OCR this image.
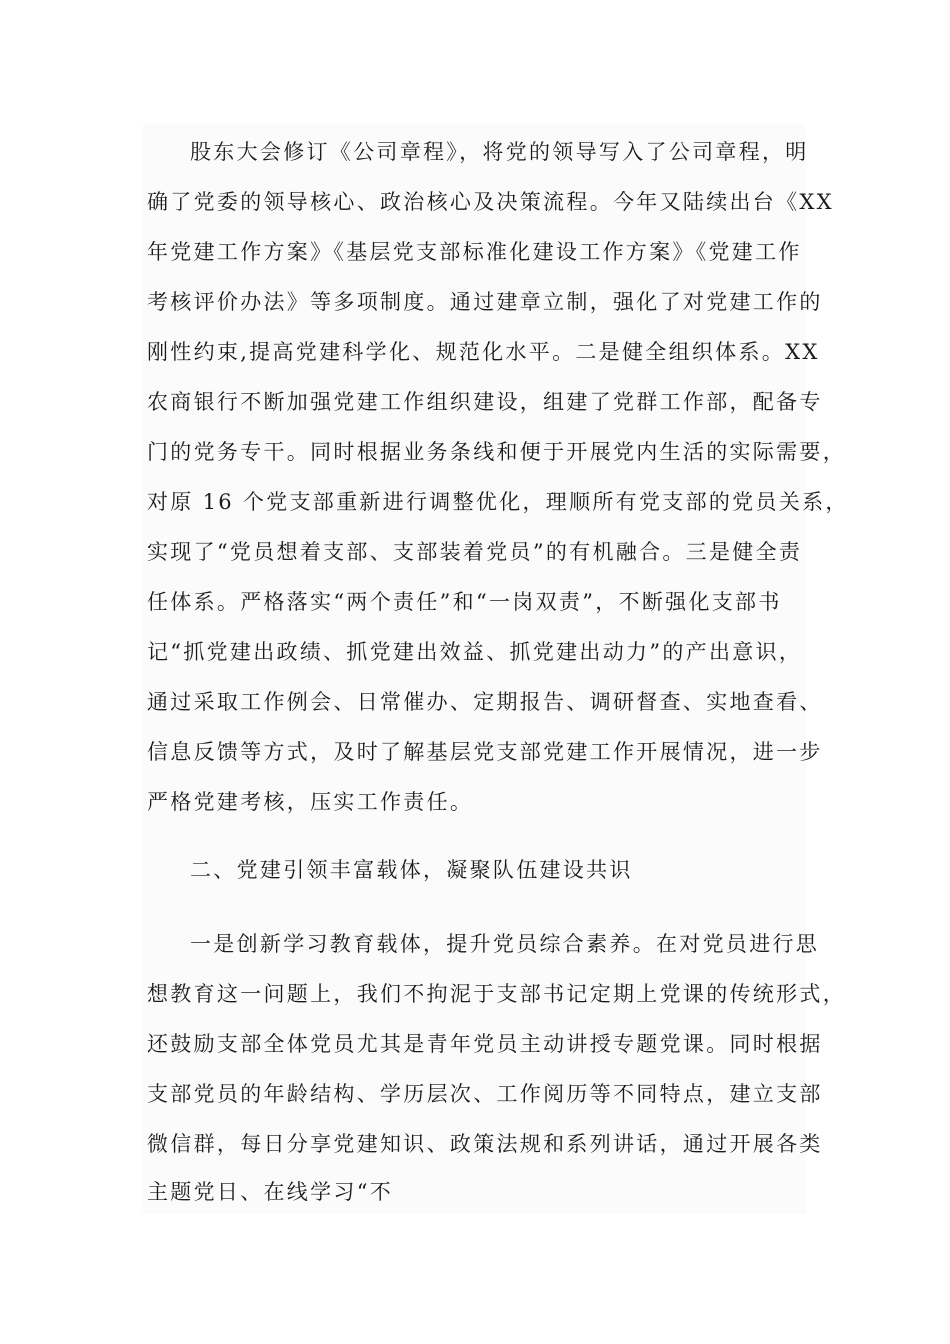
股东大会修订《公司章程》，将党的领导写入了公司章程，明
确了党委的领导核心、政治核心及决策流程。今年又陆续出台《XX
年党建工作方案》《基层党支部标准化建设工作方案》《党建工作
考核评价办法》等多项制度。通过建章立制，强化了对党建工作的
刚性约束,提高党建科学化、规范化水平。二是健全组织体系。XX
农商银行不断加强党建工作组织建设，组建了党群工作部，配备专
门的党务专干。同时根据业务条线和便于开展党内生活的实际需要，
对原 16 个党支部重新进行调整优化，理顺所有党支部的党员关系，
实现了“党员想着支部、支部装着党员”的有机融合。三是健全责
任体系。严格落实“两个责任”和“一岗双责”，不断强化支部书
记“抓党建出政绩、抓党建出效益、抓党建出动力”的产出意识，
通过采取工作例会、日常催办、定期报告、调研督查、实地查看、
信息反馈等方式，及时了解基层党支部党建工作开展情况，进一步
严格党建考核，压实工作责任。
二、党建引领丰富载体，凝聚队伍建设共识
一是创新学习教育载体，提升党员综合素养。在对党员进行思
想教育这一问题上，我们不拘泥于支部书记定期上党课的传统形式，
还鼓励支部全体党员尤其是青年党员主动讲授专题党课。同时根据
支部党员的年龄结构、学历层次、工作阅历等不同特点，建立支部
微信群，每日分享党建知识、政策法规和系列讲话，通过开展各类
主题党日、在线学习“不
